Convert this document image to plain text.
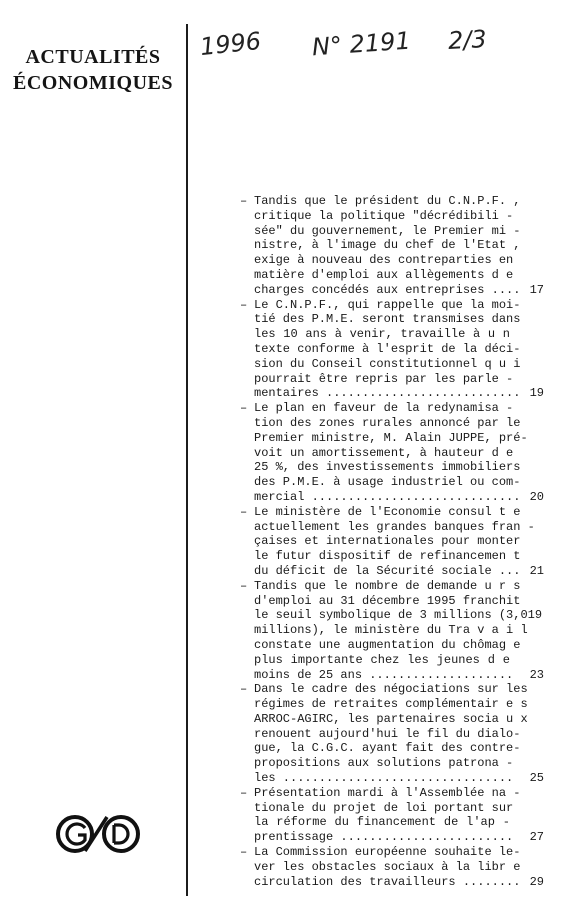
ACTUALITÉS
ÉCONOMIQUES
1996 N° 2191 2/3
– Tandis que le président du C.N.P.F. ,
critique la politique "décrédibili -
sée" du gouvernement, le Premier mi -
nistre, à l'image du chef de l'Etat ,
exige à nouveau des contreparties en
matière d'emploi aux allègements d e
charges concédés aux entreprises .... 17
– Le C.N.P.F., qui rappelle que la moi-
tié des P.M.E. seront transmises dans
les 10 ans à venir, travaille à u n
texte conforme à l'esprit de la déci-
sion du Conseil constitutionnel q u i
pourrait être repris par les parle -
mentaires ........................... 19
– Le plan en faveur de la redynamisa -
tion des zones rurales annoncé par le
Premier ministre, M. Alain JUPPE, pré-
voit un amortissement, à hauteur d e
25 %, des investissements immobiliers
des P.M.E. à usage industriel ou com-
mercial ............................. 20
– Le ministère de l'Economie consul t e
actuellement les grandes banques fran -
çaises et internationales pour monter
le futur dispositif de refinancemen t
du déficit de la Sécurité sociale ... 21
– Tandis que le nombre de demande u r s
d'emploi au 31 décembre 1995 franchit
le seuil symbolique de 3 millions (3,019
millions), le ministère du Tra v a i l
constate une augmentation du chômag e
plus importante chez les jeunes d e
moins de 25 ans .................... 23
– Dans le cadre des négociations sur les
régimes de retraites complémentair e s
ARROC-AGIRC, les partenaires socia u x
renouent aujourd'hui le fil du dialo-
gue, la C.G.C. ayant fait des contre-
propositions aux solutions patrona -
les ................................ 25
– Présentation mardi à l'Assemblée na -
tionale du projet de loi portant sur
la réforme du financement de l'ap -
prentissage ........................ 27
– La Commission européenne souhaite le-
ver les obstacles sociaux à la libr e
circulation des travailleurs ........ 29
